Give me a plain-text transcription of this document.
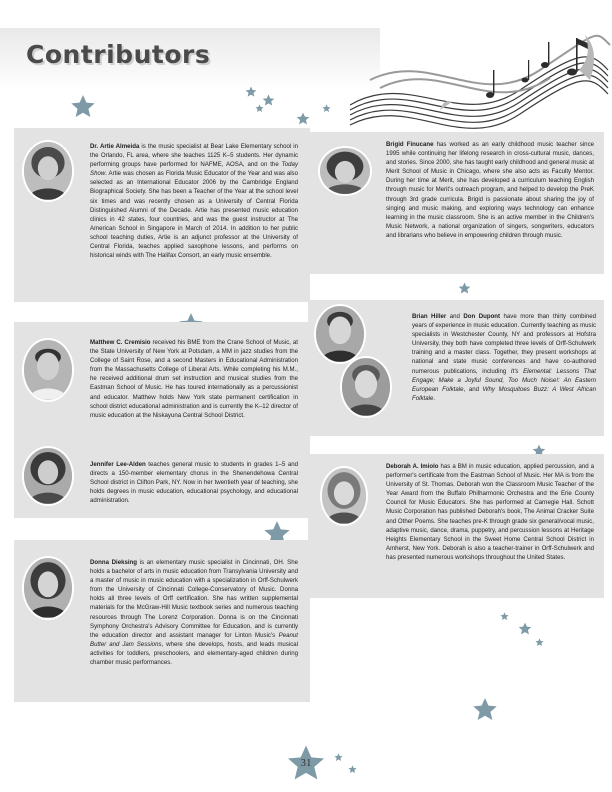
Contributors
31
Dr. Artie Almeida is the music specialist at Bear Lake Elementary school in the Orlando, FL area, where she teaches 1125 K–5 students. Her dynamic performing groups have performed for NAFME, AOSA, and on the Today Show. Artie was chosen as Florida Music Educator of the Year and was also selected as an International Educator 2006 by the Cambridge England Biographical Society. She has been a Teacher of the Year at the school level six times and was recently chosen as a University of Central Florida Distinguished Alumni of the Decade. Artie has presented music education clinics in 42 states, four countries, and was the guest instructor at The American School in Singapore in March of 2014. In addition to her public school teaching duties, Artie is an adjunct professor at the University of Central Florida, teaches applied saxophone lessons, and performs on historical winds with The Halifax Consort, an early music ensemble.
Brigid Finucane has worked as an early childhood music teacher since 1995 while continuing her lifelong research in cross-cultural music, dances, and stories. Since 2000, she has taught early childhood and general music at Merit School of Music in Chicago, where she also acts as Faculty Mentor. During her time at Merit, she has developed a curriculum teaching English through music for Merit's outreach program, and helped to develop the PreK through 3rd grade curricula. Brigid is passionate about sharing the joy of singing and music making, and exploring ways technology can enhance learning in the music classroom. She is an active member in the Children's Music Network, a national organization of singers, songwriters, educators and librarians who believe in empowering children through music.
Brian Hiller and Don Dupont have more than thirty combined years of experience in music education. Currently teaching as music specialists in Westchester County, NY and professors at Hofstra University, they both have completed three levels of Orff-Schulwerk training and a master class. Together, they present workshops at national and state music conferences and have co-authored numerous publications, including It's Elemental: Lessons That Engage; Make a Joyful Sound, Too Much Noise!: An Eastern European Folktale, and Why Mosquitoes Buzz: A West African Folktale.
Matthew C. Cremisio received his BME from the Crane School of Music, at the State University of New York at Potsdam, a MM in jazz studies from the College of Saint Rose, and a second Masters in Educational Administration from the Massachusetts College of Liberal Arts. While completing his M.M., he received additional drum set instruction and musical studies from the Eastman School of Music. He has toured internationally as a percussionist and educator. Matthew holds New York state permanent certification in school district educational administration and is currently the K–12 director of music education at the Niskayuna Central School District.
Jennifer Lee-Alden teaches general music to students in grades 1–5 and directs a 150-member elementary chorus in the Shenendehowa Central School district in Clifton Park, NY. Now in her twentieth year of teaching, she holds degrees in music education, educational psychology, and educational administration.
Deborah A. Imiolo has a BM in music education, applied percussion, and a performer's certificate from the Eastman School of Music. Her MA is from the University of St. Thomas. Deborah won the Classroom Music Teacher of the Year Award from the Buffalo Philharmonic Orchestra and the Erie County Council for Music Educators. She has performed at Carnegie Hall. Schott Music Corporation has published Deborah's book, The Animal Cracker Suite and Other Poems. She teaches pre-K through grade six general/vocal music, adaptive music, dance, drama, puppetry, and percussion lessons at Heritage Heights Elementary School in the Sweet Home Central School District in Amherst, New York. Deborah is also a teacher-trainer in Orff-Schulwerk and has presented numerous workshops throughout the United States.
Donna Dieksing is an elementary music specialist in Cincinnati, OH. She holds a bachelor of arts in music education from Transylvania University and a master of music in music education with a specialization in Orff-Schulwerk from the University of Cincinnati College-Conservatory of Music. Donna holds all three levels of Orff certification. She has written supplemental materials for the McGraw-Hill Music textbook series and numerous teaching resources through The Lorenz Corporation. Donna is on the Cincinnati Symphony Orchestra's Advisory Committee for Education, and is currently the education director and assistant manager for Linton Music's Peanut Butter and Jam Sessions, where she develops, hosts, and leads musical activities for toddlers, preschoolers, and elementary-aged children during chamber music performances.
